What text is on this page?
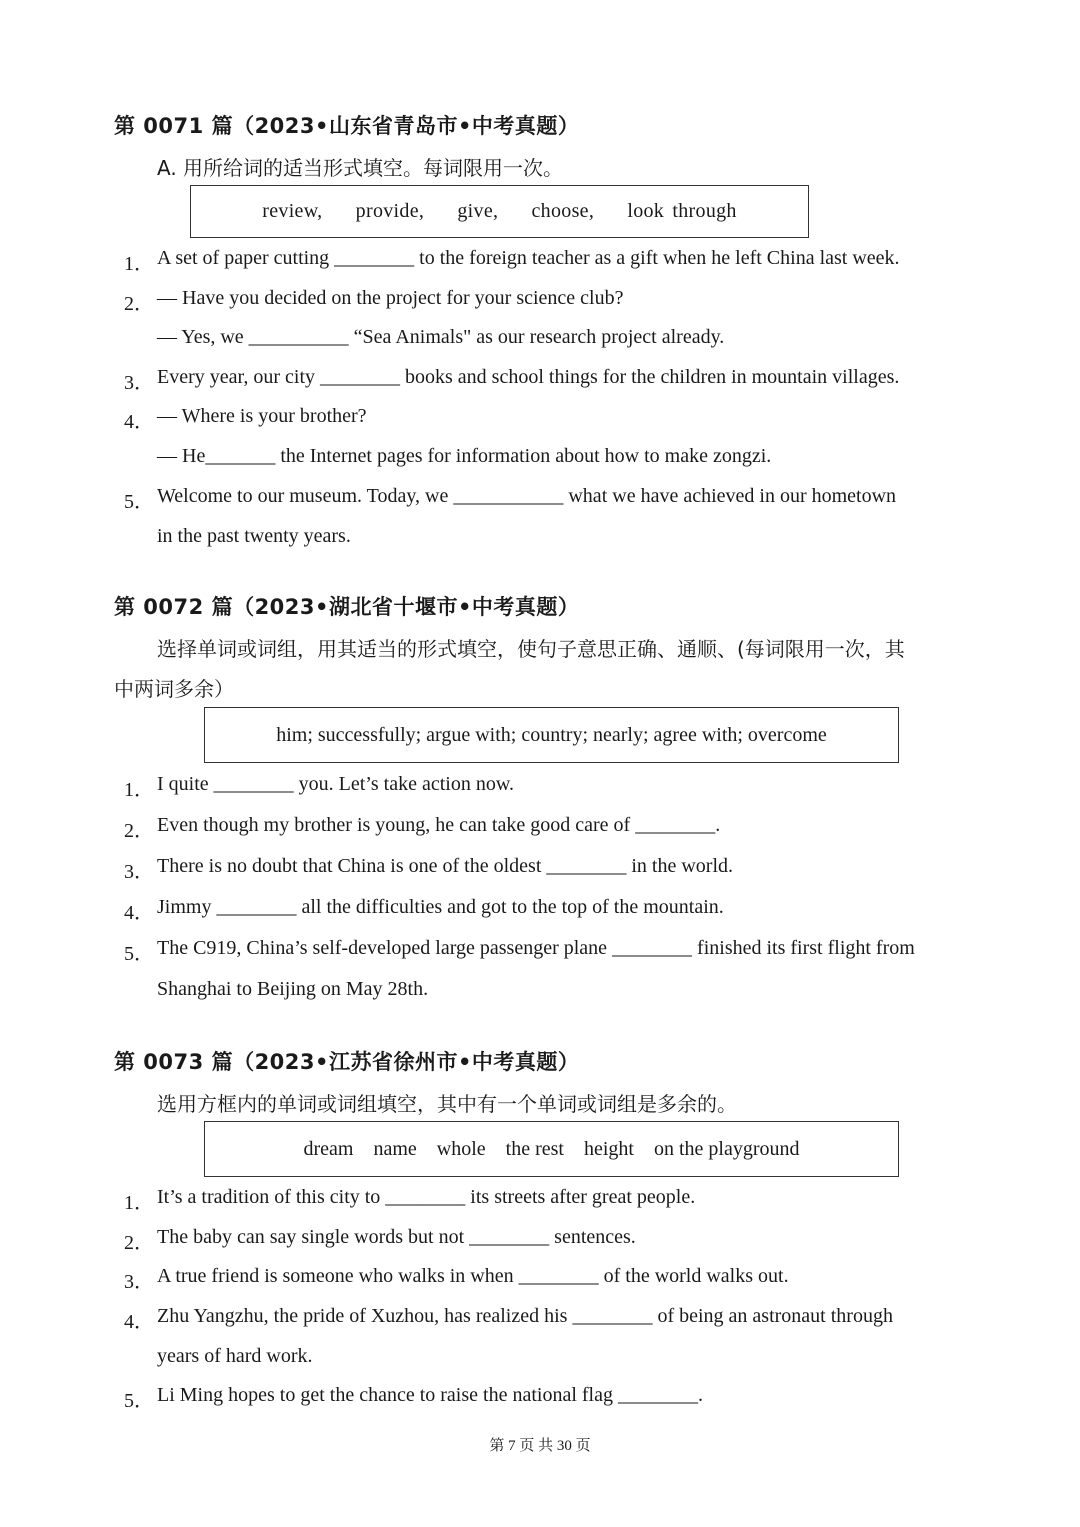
第 0071 篇（2023•山东省青岛市•中考真题）
A. 用所给词的适当形式填空。每词限用一次。
review,    provide,    give,    choose,    look through
1． A set of paper cutting ________ to the foreign teacher as a gift when he left China last week.
2． — Have you decided on the project for your science club?
— Yes, we __________ “Sea Animals" as our research project already.
3． Every year, our city ________ books and school things for the children in mountain villages.
4． — Where is your brother?
— He_______ the Internet pages for information about how to make zongzi.
5． Welcome to our museum. Today, we ___________ what we have achieved in our hometown
in the past twenty years.
第 0072 篇（2023•湖北省十堰市•中考真题）
选择单词或词组，用其适当的形式填空，使句子意思正确、通顺、(每词限用一次，其
中两词多余）
him; successfully; argue with; country; nearly; agree with; overcome
1． I quite ________ you. Let’s take action now.
2． Even though my brother is young, he can take good care of ________.
3． There is no doubt that China is one of the oldest ________ in the world.
4． Jimmy ________ all the difficulties and got to the top of the mountain.
5． The C919, China’s self-developed large passenger plane ________ finished its first flight from
Shanghai to Beijing on May 28th.
第 0073 篇（2023•江苏省徐州市•中考真题）
选用方框内的单词或词组填空，其中有一个单词或词组是多余的。
dream    name    whole    the rest    height    on the playground
1． It’s a tradition of this city to ________ its streets after great people.
2． The baby can say single words but not ________ sentences.
3． A true friend is someone who walks in when ________ of the world walks out.
4． Zhu Yangzhu, the pride of Xuzhou, has realized his ________ of being an astronaut through
years of hard work.
5． Li Ming hopes to get the chance to raise the national flag ________.
第 7 页 共 30 页
